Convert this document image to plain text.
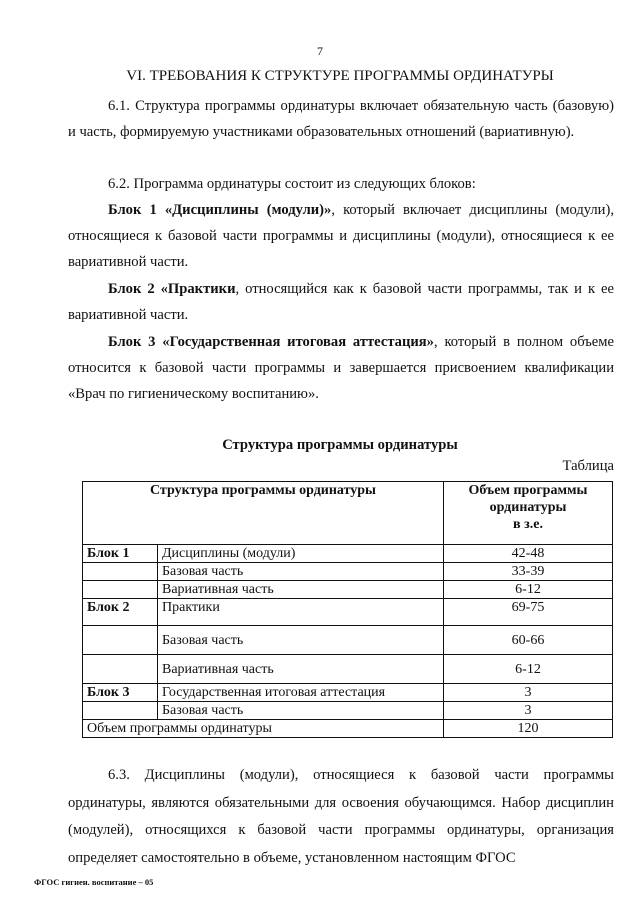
7
VI. ТРЕБОВАНИЯ К СТРУКТУРЕ ПРОГРАММЫ ОРДИНАТУРЫ

6.1. Структура программы ординатуры включает обязательную часть (базовую) и часть, формируемую участниками образовательных отношений (вариативную).

6.2. Программа ординатуры состоит из следующих блоков:

Блок 1 «Дисциплины (модули)», который включает дисциплины (модули), относящиеся к базовой части программы и дисциплины (модули), относящиеся к ее вариативной части.

Блок 2 «Практики, относящийся как к базовой части программы, так и к ее вариативной части.

Блок 3 «Государственная итоговая аттестация», который в полном объеме относится к базовой части программы и завершается присвоением квалификации «Врач по гигиеническому воспитанию».

Структура программы ординатуры
Таблица
Структура программы ординатуры		Объем программы
ординатуры
в з.е.

Блок 1	Дисциплины (модули)	42-48
	Базовая часть	33-39
	Вариативная часть	6-12
Блок 2	Практики	69-75
	Базовая часть	60-66
	Вариативная часть	6-12
Блок 3	Государственная итоговая аттестация	3
	Базовая часть	3
Объем программы ординатуры		120

6.3. Дисциплины (модули), относящиеся к базовой части программы ординатуры, являются обязательными для освоения обучающимся. Набор дисциплин (модулей), относящихся к базовой части программы ординатуры, организация определяет самостоятельно в объеме, установленном настоящим ФГОС

ФГОС гигиен. воспитание – 05
